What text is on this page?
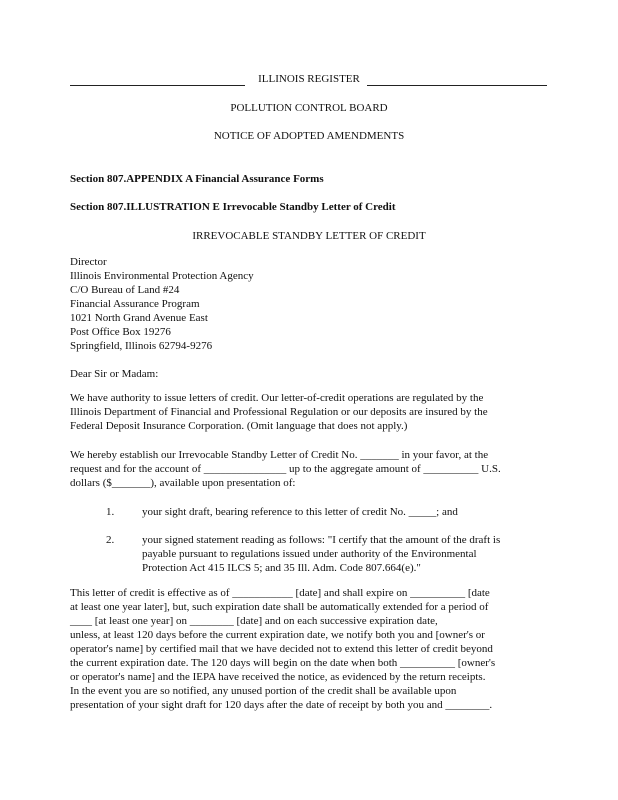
ILLINOIS REGISTER
POLLUTION CONTROL BOARD
NOTICE OF ADOPTED AMENDMENTS
Section 807.APPENDIX A Financial Assurance Forms
Section 807.ILLUSTRATION E Irrevocable Standby Letter of Credit
IRREVOCABLE STANDBY LETTER OF CREDIT
Director
Illinois Environmental Protection Agency
C/O Bureau of Land #24
Financial Assurance Program
1021 North Grand Avenue East
Post Office Box 19276
Springfield, Illinois 62794-9276
Dear Sir or Madam:
We have authority to issue letters of credit. Our letter-of-credit operations are regulated by the
Illinois Department of Financial and Professional Regulation or our deposits are insured by the
Federal Deposit Insurance Corporation. (Omit language that does not apply.)
We hereby establish our Irrevocable Standby Letter of Credit No. _______ in your favor, at the
request and for the account of _______________ up to the aggregate amount of __________ U.S.
dollars ($_______), available upon presentation of:
1.	your sight draft, bearing reference to this letter of credit No. _____; and
2.	your signed statement reading as follows: "I certify that the amount of the draft is
payable pursuant to regulations issued under authority of the Environmental
Protection Act 415 ILCS 5; and 35 Ill. Adm. Code 807.664(e)."
This letter of credit is effective as of ___________ [date] and shall expire on __________ [date
at least one year later], but, such expiration date shall be automatically extended for a period of
____ [at least one year] on ________ [date] and on each successive expiration date,
unless, at least 120 days before the current expiration date, we notify both you and [owner's or
operator's name] by certified mail that we have decided not to extend this letter of credit beyond
the current expiration date. The 120 days will begin on the date when both __________ [owner's
or operator's name] and the IEPA have received the notice, as evidenced by the return receipts.
In the event you are so notified, any unused portion of the credit shall be available upon
presentation of your sight draft for 120 days after the date of receipt by both you and ________.
